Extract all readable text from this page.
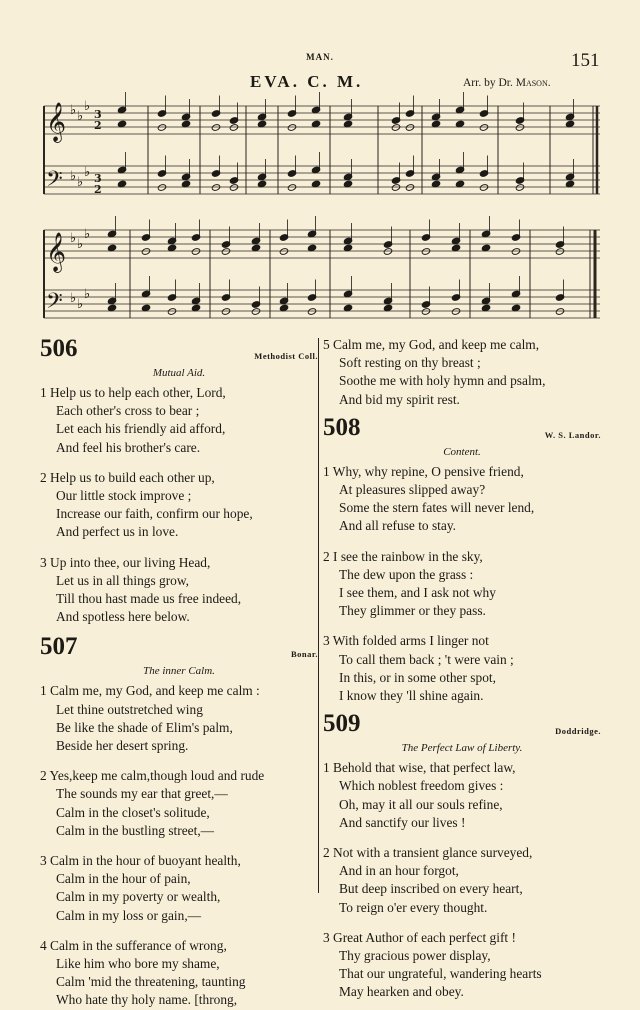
MAN.	151
EVA. C. M.	Arr. by Dr. Mason.
𝄞
𝄢
𝄞
𝄢
♭ ♭
♭
3
2
♭ ♭
♭ 3
2
♭ ♭
♭
♭ ♭
♭
506	Methodist Coll.
Mutual Aid.

1 Help us to help each other, Lord,

Each other's cross to bear ;

Let each his friendly aid afford,

And feel his brother's care.

2 Help us to build each other up,

Our little stock improve ;

Increase our faith, confirm our hope,

And perfect us in love.

3 Up into thee, our living Head,

Let us in all things grow,

Till thou hast made us free indeed,

And spotless here below.

507	Bonar.
The inner Calm.

1 Calm me, my God, and keep me calm :

Let thine outstretched wing

Be like the shade of Elim's palm,

Beside her desert spring.

2 Yes,keep me calm,though loud and rude

The sounds my ear that greet,—

Calm in the closet's solitude,

Calm in the bustling street,—

3 Calm in the hour of buoyant health,

Calm in the hour of pain,

Calm in my poverty or wealth,

Calm in my loss or gain,—

4 Calm in the sufferance of wrong,

Like him who bore my shame,

Calm 'mid the threatening, taunting

Who hate thy holy name. [throng,

5 Calm me, my God, and keep me calm,

Soft resting on thy breast ;

Soothe me with holy hymn and psalm,

And bid my spirit rest.

508	W. S. Landor.
Content.

1 Why, why repine, O pensive friend,

At pleasures slipped away?

Some the stern fates will never lend,

And all refuse to stay.

2 I see the rainbow in the sky,

The dew upon the grass :

I see them, and I ask not why

They glimmer or they pass.

3 With folded arms I linger not

To call them back ; 't were vain ;

In this, or in some other spot,

I know they 'll shine again.

509	Doddridge.
The Perfect Law of Liberty.

1 Behold that wise, that perfect law,

Which noblest freedom gives :

Oh, may it all our souls refine,

And sanctify our lives !

2 Not with a transient glance surveyed,

And in an hour forgot,

But deep inscribed on every heart,

To reign o'er every thought.

3 Great Author of each perfect gift !

Thy gracious power display,

That our ungrateful, wandering hearts

May hearken and obey.
